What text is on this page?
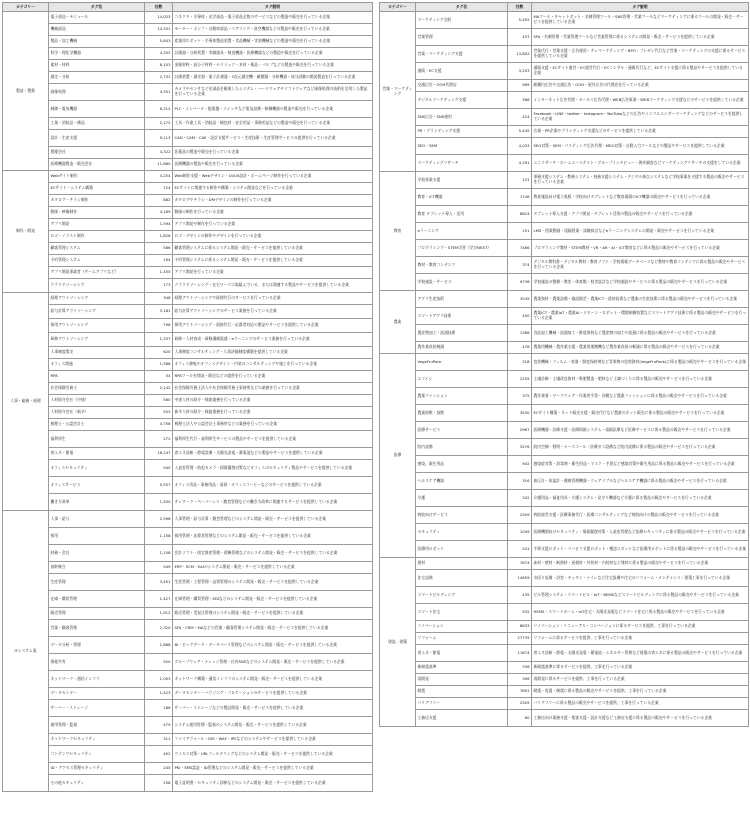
カテゴリー	タグ名	社数	タグ説明
製造・製薬	電子部品・モジュール	14,023	コネクタ・半導体・光学部品・電子部品全般のサービスなどの製造や販売を行っている企業
	機械部品	14,331	モーター・ポンプ・自動車部品・ベアリング・真空機器などの製造や販売を行っている企業
	製品・加工機械	5,843	産業用ロボット・半導体製造装置・食品機械・実装機械などの製造や販売を行っている企業
	科学・理化学機器	4,202	計測器・分析装置・実験器具・検査機器・医療機器などの製造や販売を行っている企業
	素材・材料	8,103	金属材料・高分子材料・セラミック・木材・薬品・パルプなどの製造や販売を行っている企業
	測定・分析	2,731	計測装置・測定器・電子計測器・3次元測定機・顕微鏡・分析機器・成分試験の開発製造を行っている企業
	画像処理	4,351	カメラやセンサなど光部品を駆使したシステム・ハードウェアやソフトウェアなど画像処理の技術を活用した製品を行っている企業
	制御・電気機器	6,212	PLC・インバータ・配電盤・スイッチなど電気設備・制御機器の製造や販売を行っている企業
	工業・消耗品・備品	2,172	工具・作業工具・消耗品・梱包材・安全用品・事務用品などの製造や販売を行っている企業
	設計・生産支援	9,113	CAD・CAM・CAE・設計支援サービス・生産技術・生産管理サービスの提供を行っている企業
	製薬会社	4,322	医薬品の製造や販売を行っている企業
	医療機器製造・販売会社	11,660	医療機器の製造や販売を行っている企業
制作・開発	Webサイト制作	4,254	Web制作支援・Webデザイン・UI/UX設計・ホームページ制作を行っている企業
	ECサイト・システム構築	724	ECサイトに関連する制作や構築・システム開発などを行っている企業
	カタログ・チラシ制作	882	カタログやチラシ・DMデザインの制作を行っている企業
	動画・映像制作	4,189	動画の制作を行っている企業
	アプリ開発	1,594	アプリ開発や制作を行っている企業
	ロゴ・イラスト制作	1,826	ロゴ・デザインの制作やデザインを行っている企業
	顧客管理システム	586	顧客管理システムに係るシステム開発・販売・サービスを提供している企業
	予約管理システム	194	予約管理システムに係るシステム開発・販売・サービスを提供している企業
	アプリ開発事業者（ゲームアプリなど）	1,455	アプリ開発を行っている企業
	クラウドソーシング	173	クラウドソーシング・在宅ワークに取組んでいる、または関連する製品やサービスを提供している企業
人事・総務・経理	経理アウトソーシング	348	経理アウトソーシングや経理代行のサービスを行っている企業
	給与計算アウトソーシング	3,181	給与計算アウトソーシングのサービス業務を行っている企業
	採用アウトソーシング	798	採用アウトソーシング・面接代行・応募者対応の製品やサービスを提供している企業
	研修アウトソーシング	1,257	研修・人材育成・研修講師派遣・eラーニングのサービス業務を行っている企業
	人事制度策定	620	人事制度コンサルティング・人事評価制度構築を提供している企業
	オフィス関連	1,588	オフィス移転やオフィスデザイン・内装のコンサルティングや施工を行っている企業
	RPA	54	RPAツールを開発・販売などの提供を行っている企業
	社会保険労務士	2,142	社会保険労務士法人や社会保険労務士事務所などの業務を行っている企業
	人材紹介会社（中途）	560	中途人材の紹介・斡旋業務を行っている企業
	人材紹介会社（新卒）	502	新卒人材の紹介・斡旋業務を行っている企業
	税理士・公認会計士	4,756	税理士法人や公認会計士事務所などの業務を行っている企業
	福利厚生	272	福利厚生代行・福利厚生サービスの製品やサービスを提供している企業
	省エネ・節電	16,247	省エネ診断・節電設備・太陽光発電・蓄電池などの製品やサービスを提供している企業
	オフィスセキュリティ	940	入退室管理・防犯カメラ・情報漏洩対策などオフィスのセキュリティ製品やサービスを提供している企業
	オフィスサービス	5,557	オフィス用品・事務用品・清掃・オフィスコーヒーなどのサービスを提供している企業
	働き方改革	1,550	テレワーク・ペーパーレス・勤怠管理などの働き方改革に関連するサービスを提供している企業
ITシステム案	人事・給与	2,596	人事管理・給与計算・勤怠管理などのシステム開発・販売・サービスを提供している企業
	採用	1,158	採用管理・応募者管理などのシステム開発・販売・サービスを提供している企業
	財務・会計	1,158	会計ソフト・固定資産管理・債権管理などのシステム開発・販売・サービスを提供している企業
	基幹統合	949	ERP・SCM・EAIのシステム開発・販売・サービスを提供している企業
	生産管理	3,451	生産管理・工程管理・品質管理のシステム開発・販売・サービスを提供している企業
	在庫・購買管理	1,427	在庫管理・購買管理・EDIなどのシステム開発・販売・サービスを提供している企業
	販売管理	1,912	販売管理・受発注管理のシステム開発・販売・サービスを提供している企業
	営業・顧客管理	2,320	SFA・CRM・MAなどの営業・顧客管理システム開発・販売・サービスを提供している企業
	データ分析・管理	1,888	BI・ビッグデータ・データベース管理などのシステム開発・販売・サービスを提供している企業
	情報共有	920	グループウェア・ナレッジ管理・社内SNSなどのシステム開発・販売・サービスを提供している企業
	ネットワーク・通信インフラ	1,003	ネットワーク構築・通信インフラのシステム開発・販売・サービスを提供している企業
	データセンター	1,423	データセンター・ハウジング・コロケーションのサービスを提供している企業
	サーバー・ストレージ	186	サーバー・ストレージなどの製品開発・販売・サービスを提供している企業
	運用管理・監視	479	システム運用管理・監視のシステム開発・販売・サービスを提供している企業
	ネットワークセキュリティ	311	ファイアウォール・IDS・WAF・IPSなどのシステムやサービスを提供している企業
	コンテンツセキュリティ	402	ウイルス対策・URLフィルタリングなどのシステム開発・販売・サービスを提供している企業
	ID・アクセス管理セキュリティ	245	PKI・SMS認証・ID管理などのシステム開発・販売・サービスを提供している企業
	その他セキュリティ	258	電子証明書・セキュリティ診断などのシステム開発・販売・サービスを提供している企業
カテゴリー	タグ名	社数	タグ説明
営業・マーケティング	マーケティング全般	5,492	MAツール・チャットボット・名刺管理ツール・SNS管理・営業ツールなどマーケティングに係るツールの開発・販売・サービスを提供している企業
	営業管理	437	SFA・名刺管理・営業管理ツールなど営業管理に係るシステムの開発・販売・サービスを提供している企業
	営業・マーケティング支援	13,802	営業代行・営業支援・広告運用・テレマーケティング・BPO・プレゼン代行など営業・マーケティングの支援に係るサービスを提供している企業
	通販・EC支援	3,253	通販支援・ECサイト運営・EC運営代行・ECコンサル・通販代行など、ECサイト支援に係る製品やサービスを提供している企業
	交通広告・OOH代理店	969	駅構内広告や交通広告・OOH・屋外広告の代理店を行っている企業
	デジタルマーケティング支援	568	インターネット広告代理・セールス広告代理・WEB広告事業・WEBマーケティング支援などのサービスを提供している企業
	SNS広告・SNS運用	424	Facebook・LINE・twitter・Instagram・YouTubeなどの広告やインフルエンサーマーケティングなどのサービスを提供している企業
	PR・ブランディング支援	5,445	広報・PR企業やブランディング支援などのサービスを提供している企業
	SEO・SEM	4,033	SEO対策・SEM・リスティング広告代理・MEO対策・自動入力ツールなどの製品やサービスを提供している企業
	マーケティングリサーチ	4,291	ユニリサーチ・ホームユーステスト・グループインタビュー・海外調査などマーケティングリサーチの支援をしている企業
教育	学校事業支援	131	事務支援システム・教務システム・校務支援システム・デジタル採点システムなど学校事業を支援する製品の販売やサービスを行っている企業
	教育・ICT機器	1746	教育施設向け電子黒板・学校向けタブレットなど教育現場のICT機器の販売やサービスを行っている企業
	教育 タブレット導入・活用	8824	タブレット導入支援・アプリ開発・タブレット活用の製品の販売やサービスを行っている企業
	eラーニング	151	LMS・授業動画・遠隔授業・試験採点などeラーニングシステムの開発・販売やサービスを行っている企業
	プログラミング・STEM学習（学びNEXT）	7486	プログラミング教材・STEM教材・VR・AR・AI・ICT教育などに係る製品の販売やサービスを行っている企業
	教材・教育コンテンツ	374	デジタル教科書・デジタル教材・教育ソフト・学校情報データベースなど教材や教育コンテンツに係る製品の販売やサービスを行っている企業
	学校施設・サービス	9736	学校施設の整備・教室・体育館・校舎設計など学校施設やサービスに係る製品の販売やサービスを行っている企業
農業	アグリ生産技術	3545	農業資材・農業設備・施設園芸・農業ICT・栽培技術など農業の生産技術に係る製品の販売やサービスを行っている企業
	スマートアグリ技術	450	農業ICT・農業IoT・農業AI・ドローン・ロボット・環境制御装置などスマートアグリ技術に係る製品の販売やサービスを行っている企業
	農産物加工・流通技術	1366	食品加工機械・流通加工・鮮度保持など農産物の加工や流通に係る製品の販売やサービスを行っている企業
	農作業負担軽減	478	農業用機械・農作業支援・農業用運搬機など農作業負担の軽減に係る製品の販売やサービスを行っている企業
医療	VegeFruPack	318	包装機械・フィルム・容器・鮮度保持剤など青果物の包装資材(VegeFruPack)に係る製品の販売やサービスを行っている企業
	エフイシ	2255	土壌診断・土壌改良資材・堆肥製造・肥料など土壌づくりに係る製品の販売やサービスを行っている企業
	農業ファッション	375	農作業着・ワークウェア・作業用手袋・長靴など農業ファッションに係る製品の販売やサービスを行っている企業
	農業防獣・鳥獣	3530	ECサイト構築・ネット販売支援・販売代行など農業のネット販売に係る製品の販売やサービスを行っている企業
	医療サービス	2967	医療機器・診療支援・医療情報システム・遠隔医療など医療サービスに係る製品の販売やサービスを行っている企業
	院内設備	3276	院内空調・照明・ナースコール・医療ガス設備など院内設備に係る製品の販売やサービスを行っている企業
	感染、衛生用品	942	感染症対策・消毒剤・衛生用品・マスク・手袋など感染対策や衛生用品に係る製品の販売やサービスを行っている企業
	ヘルスケア機器	316	血圧計・体温計・健康管理機器・ウェアラブルなどヘルスケア機器に係る製品の販売やサービスを行っている企業
	介護	342	介護用品・福祉用具・介護システム・見守り機器など介護に係る製品の販売やサービスを行っている企業
	病院向けサービス	2509	病院経営支援・医療事務代行・医療コンサルティングなど病院向けの製品の販売やサービスを行っている企業
	セキュリティ	1049	医療機関向けセキュリティ・情報漏洩対策・入退室管理など医療セキュリティに係る製品の販売やサービスを行っている企業
	医療用ロボット	541	手術支援ロボット・リハビリ支援ロボット・搬送ロボットなど医療用ロボットに係る製品の販売やサービスを行っている企業
建設、建築	建材	7874	床材・壁材・断熱材・屋根材・外装材・内装材など建材に係る製品の販売やサービスを行っている企業
	住宅設備	14659	水回り設備・浴室・キッチン・トイレなど住宅設備や住宅のリフォーム・メンテナンス・建築工事を行っている企業
	スマートビルディング	435	ビル管理システム・スマートビル・IoT・BEMSなどスマートビルディングに係る製品の販売やサービスを行っている企業
	スマート住宅	532	HEMS・スマートホーム・IoT住宅・太陽光発電などスマート住宅に係る製品の販売やサービスを行っている企業
	リノベーション	8633	リノベーション・リニューアル・コンバージョンに係るサービスを提供、工事を行っている企業
	リフォーム	27735	リフォームに係るサービスを提供、工事を行っている企業
	省エネ・節電	11674	省エネ診断・節電・太陽光発電・蓄電池・エネルギー管理など建築の省エネに係る製品の販売やサービスを行っている企業
	新耐震基準	336	新耐震基準に係るサービスを提供、工事を行っている企業
	再開発	306	再開発に係るサービスを提供、工事を行っている企業
	耐震	7891	耐震・免震・制震に係る製品の販売やサービスを提供、工事を行っている企業
	バリアフリー	2505	バリアフリーに係る製品の販売やサービスを提供、工事を行っている企業
	工務店支援	80	工務店向け業務支援・集客支援・設計支援など工務店支援に係る製品の販売やサービスを行っている企業
